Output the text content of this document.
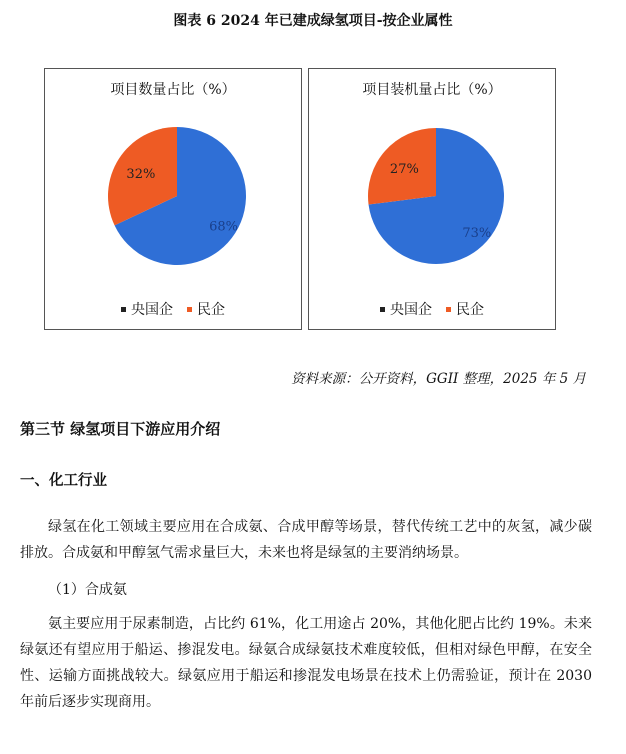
图表 6 2024 年已建成绿氢项目-按企业属性
项目数量占比（%）
68%
32%
央国企 民企
项目装机量占比（%）
73%
27%
央国企 民企
资料来源：公开资料，GGII 整理，2025 年 5 月
第三节 绿氢项目下游应用介绍
一、化工行业

绿氢在化工领域主要应用在合成氨、合成甲醇等场景，替代传统工艺中的灰氢，减少碳排放。合成氨和甲醇氢气需求量巨大，未来也将是绿氢的主要消纳场景。

（1）合成氨

氨主要应用于尿素制造，占比约 61%，化工用途占 20%，其他化肥占比约 19%。未来绿氨还有望应用于船运、掺混发电。绿氨合成绿氨技术难度较低，但相对绿色甲醇，在安全性、运输方面挑战较大。绿氨应用于船运和掺混发电场景在技术上仍需验证，预计在 2030 年前后逐步实现商用。
